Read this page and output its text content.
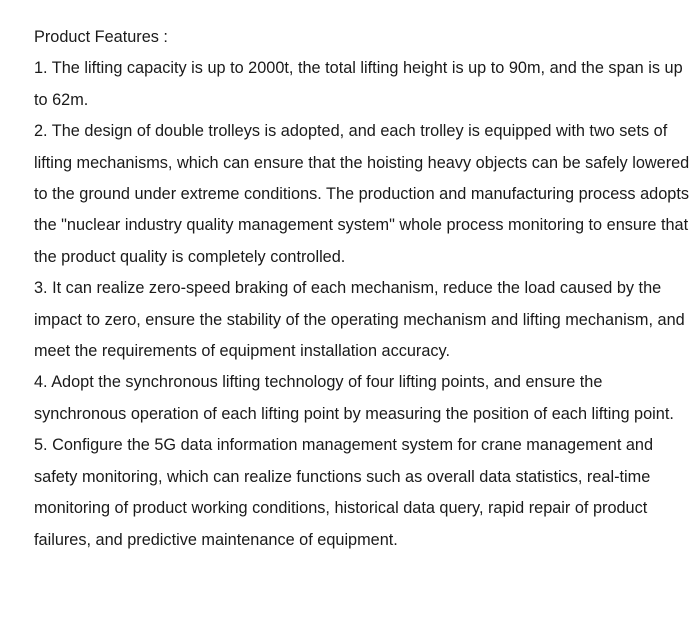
Product Features :

1. The lifting capacity is up to 2000t, the total lifting height is up to 90m, and the span is up to 62m.

2. The design of double trolleys is adopted, and each trolley is equipped with two sets of lifting mechanisms, which can ensure that the hoisting heavy objects can be safely lowered to the ground under extreme conditions. The production and manufacturing process adopts the "nuclear industry quality management system" whole process monitoring to ensure that the product quality is completely controlled.

3. It can realize zero-speed braking of each mechanism, reduce the load caused by the impact to zero, ensure the stability of the operating mechanism and lifting mechanism, and meet the requirements of equipment installation accuracy.

4. Adopt the synchronous lifting technology of four lifting points, and ensure the synchronous operation of each lifting point by measuring the position of each lifting point.

5. Configure the 5G data information management system for crane management and safety monitoring, which can realize functions such as overall data statistics, real-time monitoring of product working conditions, historical data query, rapid repair of product failures, and predictive maintenance of equipment.
